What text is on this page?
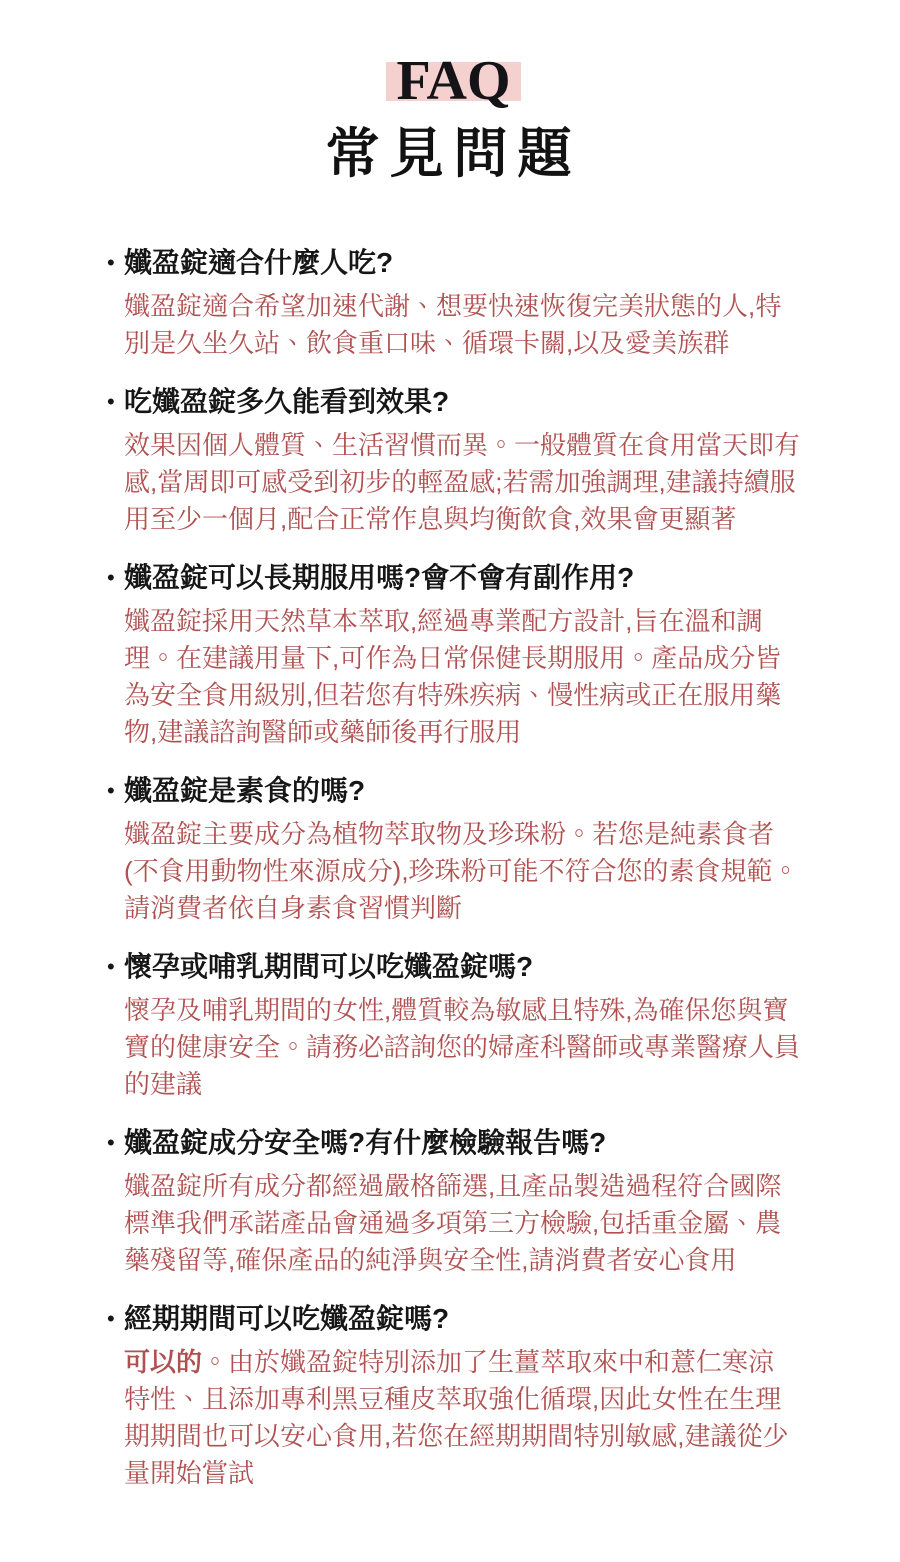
FAQ
常見問題
• 孅盈錠適合什麼人吃?

孅盈錠適合希望加速代謝、想要快速恢復完美狀態的人,特別是久坐久站、飲食重口味、循環卡關,以及愛美族群

• 吃孅盈錠多久能看到效果?

效果因個人體質、生活習慣而異。一般體質在食用當天即有感,當周即可感受到初步的輕盈感;若需加強調理,建議持續服用至少一個月,配合正常作息與均衡飲食,效果會更顯著

• 孅盈錠可以長期服用嗎?會不會有副作用?

孅盈錠採用天然草本萃取,經過專業配方設計,旨在溫和調理。在建議用量下,可作為日常保健長期服用。產品成分皆為安全食用級別,但若您有特殊疾病、慢性病或正在服用藥物,建議諮詢醫師或藥師後再行服用

• 孅盈錠是素食的嗎?

孅盈錠主要成分為植物萃取物及珍珠粉。若您是純素食者(不食用動物性來源成分),珍珠粉可能不符合您的素食規範。請消費者依自身素食習慣判斷

• 懷孕或哺乳期間可以吃孅盈錠嗎?

懷孕及哺乳期間的女性,體質較為敏感且特殊,為確保您與寶寶的健康安全。請務必諮詢您的婦產科醫師或專業醫療人員的建議

• 孅盈錠成分安全嗎?有什麼檢驗報告嗎?

孅盈錠所有成分都經過嚴格篩選,且產品製造過程符合國際標準我們承諾產品會通過多項第三方檢驗,包括重金屬、農藥殘留等,確保產品的純淨與安全性,請消費者安心食用

• 經期期間可以吃孅盈錠嗎?

可以的。由於孅盈錠特別添加了生薑萃取來中和薏仁寒涼特性、且添加專利黑豆種皮萃取強化循環,因此女性在生理期期間也可以安心食用,若您在經期期間特別敏感,建議從少量開始嘗試
